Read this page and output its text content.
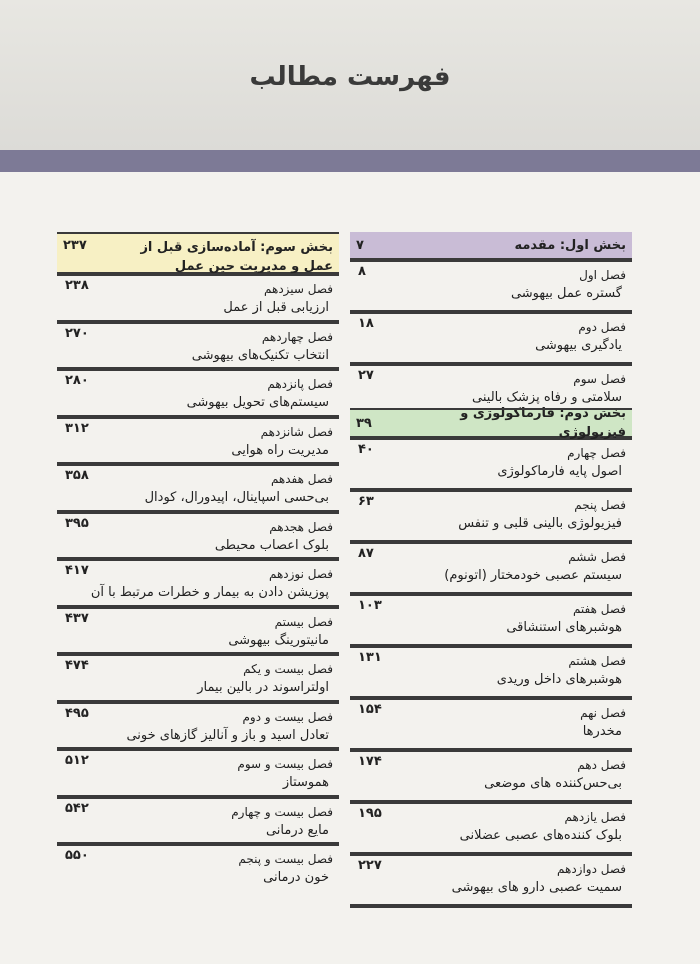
فهرست مطالب
بخش اول: مقدمه
۷
فصل اول
گستره عمل بیهوشی
۸
فصل دوم
یادگیری بیهوشی
۱۸
فصل سوم
سلامتی و رفاه پزشک بالینی
۲۷
بخش دوم: فارماکولوژی و فیزیولوژی
۳۹
فصل چهارم
اصول پایه فارماکولوژی
۴۰
فصل پنجم
فیزیولوژی بالینی قلبی و تنفس
۶۳
فصل ششم
سیستم عصبی خودمختار (اتونوم)
۸۷
فصل هفتم
هوشبرهای استنشاقی
۱۰۳
فصل هشتم
هوشبرهای داخل وریدی
۱۳۱
فصل نهم
مخدرها
۱۵۴
فصل دهم
بی‌حس‌کننده های موضعی
۱۷۴
فصل یازدهم
بلوک کننده‌های عصبی عضلانی
۱۹۵
فصل دوازدهم
سمیت عصبی دارو های بیهوشی
۲۲۷
بخش سوم: آماده‌سازی قبل از عمل و مدیریت حین عمل
۲۳۷
فصل سیزدهم
ارزیابی قبل از عمل
۲۳۸
فصل چهاردهم
انتخاب تکنیک‌های بیهوشی
۲۷۰
فصل پانزدهم
سیستم‌های تحویل بیهوشی
۲۸۰
فصل شانزدهم
مدیریت راه هوایی
۳۱۲
فصل هفدهم
بی‌حسی اسپاینال، اپیدورال، کودال
۳۵۸
فصل هجدهم
بلوک اعصاب محیطی
۳۹۵
فصل نوزدهم
پوزیشن دادن به بیمار و خطرات مرتبط با آن
۴۱۷
فصل بیستم
مانیتورینگ بیهوشی
۴۳۷
فصل بیست و یکم
اولتراسوند در بالین بیمار
۴۷۴
فصل بیست و دوم
تعادل اسید و باز و آنالیز گازهای خونی
۴۹۵
فصل بیست و سوم
هموستاز
۵۱۲
فصل بیست و چهارم
مایع درمانی
۵۴۲
فصل بیست و پنجم
خون درمانی
۵۵۰
